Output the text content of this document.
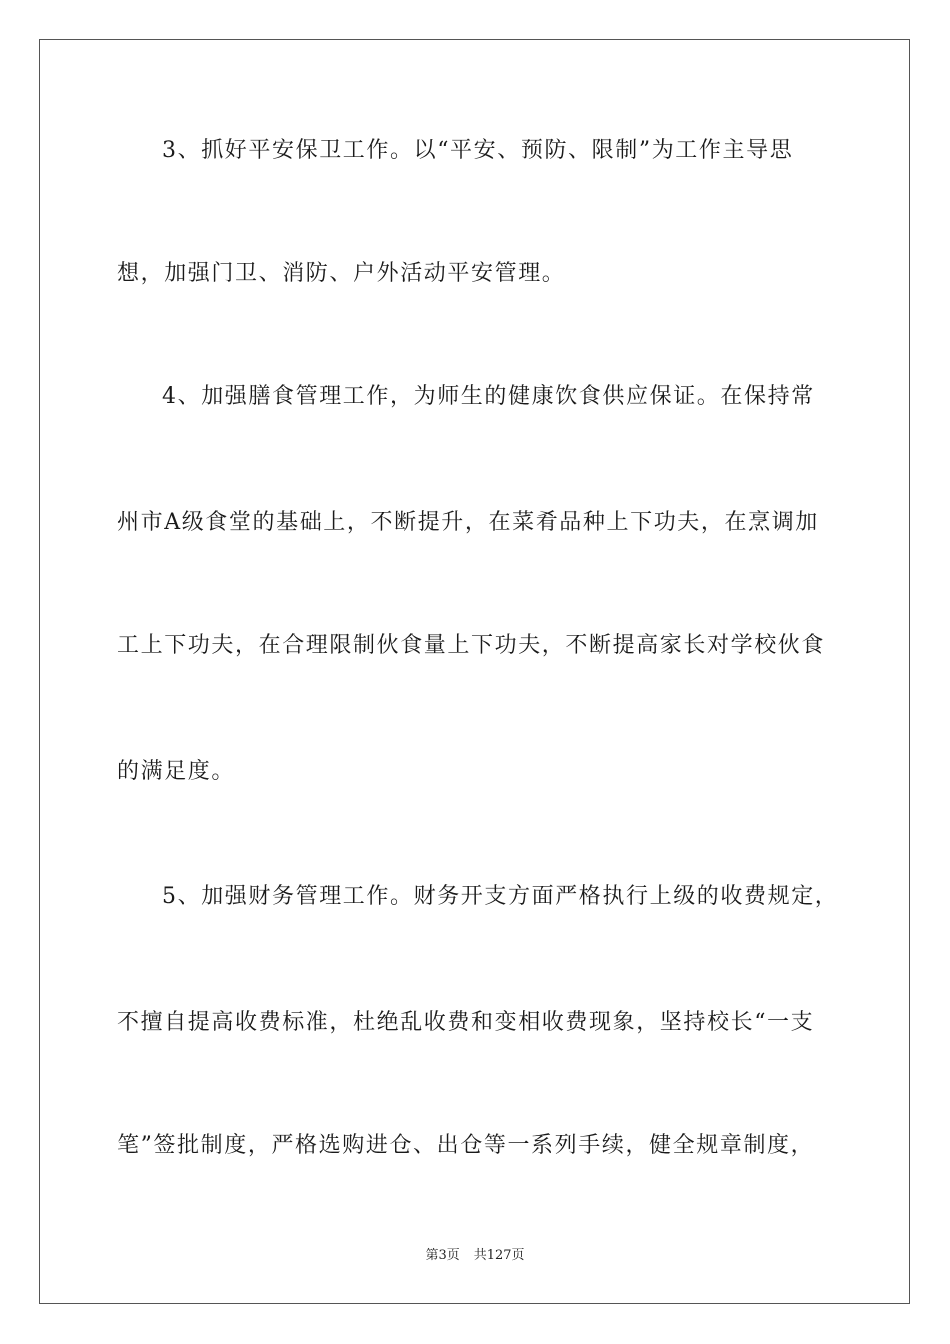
3、抓好平安保卫工作。以“平安、预防、限制”为工作主导思
想，加强门卫、消防、户外活动平安管理。
4、加强膳食管理工作，为师生的健康饮食供应保证。在保持常
州市A级食堂的基础上，不断提升，在菜肴品种上下功夫，在烹调加
工上下功夫，在合理限制伙食量上下功夫，不断提高家长对学校伙食
的满足度。
5、加强财务管理工作。财务开支方面严格执行上级的收费规定，
不擅自提高收费标准，杜绝乱收费和变相收费现象，坚持校长“一支
笔”签批制度，严格选购进仓、出仓等一系列手续，健全规章制度，
第3页 共127页
